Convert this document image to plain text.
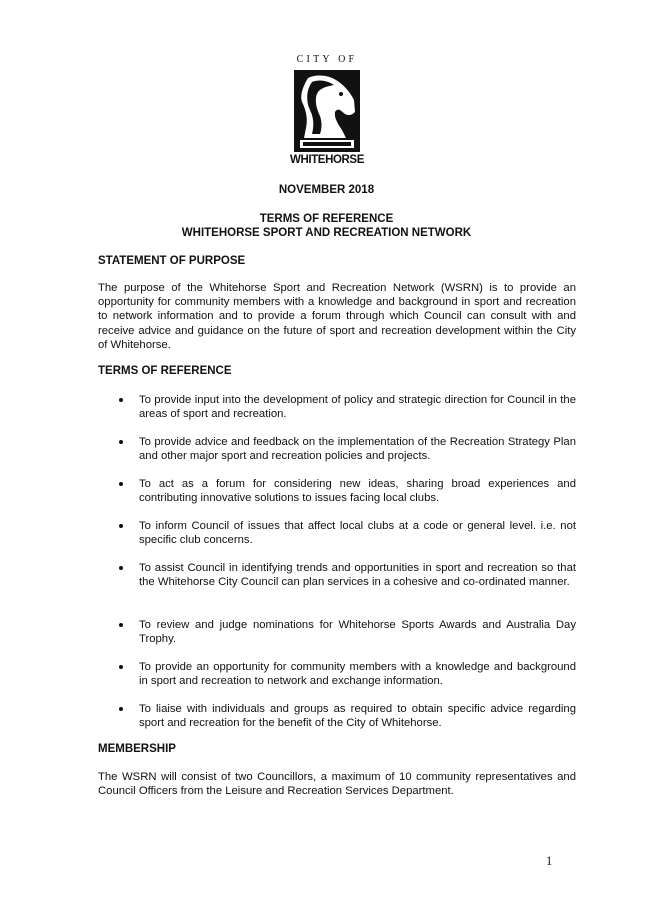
CITY OF
WHITEHORSE
NOVEMBER 2018
TERMS OF REFERENCE
WHITEHORSE SPORT AND RECREATION NETWORK
STATEMENT OF PURPOSE

The purpose of the Whitehorse Sport and Recreation Network (WSRN) is to provide an opportunity for community members with a knowledge and background in sport and recreation to network information and to provide a forum through which Council can consult with and receive advice and guidance on the future of sport and recreation development within the City of Whitehorse.

TERMS OF REFERENCE

To provide input into the development of policy and strategic direction for Council in the areas of sport and recreation.

To provide advice and feedback on the implementation of the Recreation Strategy Plan and other major sport and recreation policies and projects.

To act as a forum for considering new ideas, sharing broad experiences and contributing innovative solutions to issues facing local clubs.

To inform Council of issues that affect local clubs at a code or general level. i.e. not specific club concerns.

To assist Council in identifying trends and opportunities in sport and recreation so that the Whitehorse City Council can plan services in a cohesive and co-ordinated manner.

To review and judge nominations for Whitehorse Sports Awards and Australia Day Trophy.

To provide an opportunity for community members with a knowledge and background in sport and recreation to network and exchange information.

To liaise with individuals and groups as required to obtain specific advice regarding sport and recreation for the benefit of the City of Whitehorse.

MEMBERSHIP

The WSRN will consist of two Councillors, a maximum of 10 community representatives and Council Officers from the Leisure and Recreation Services Department.

1
